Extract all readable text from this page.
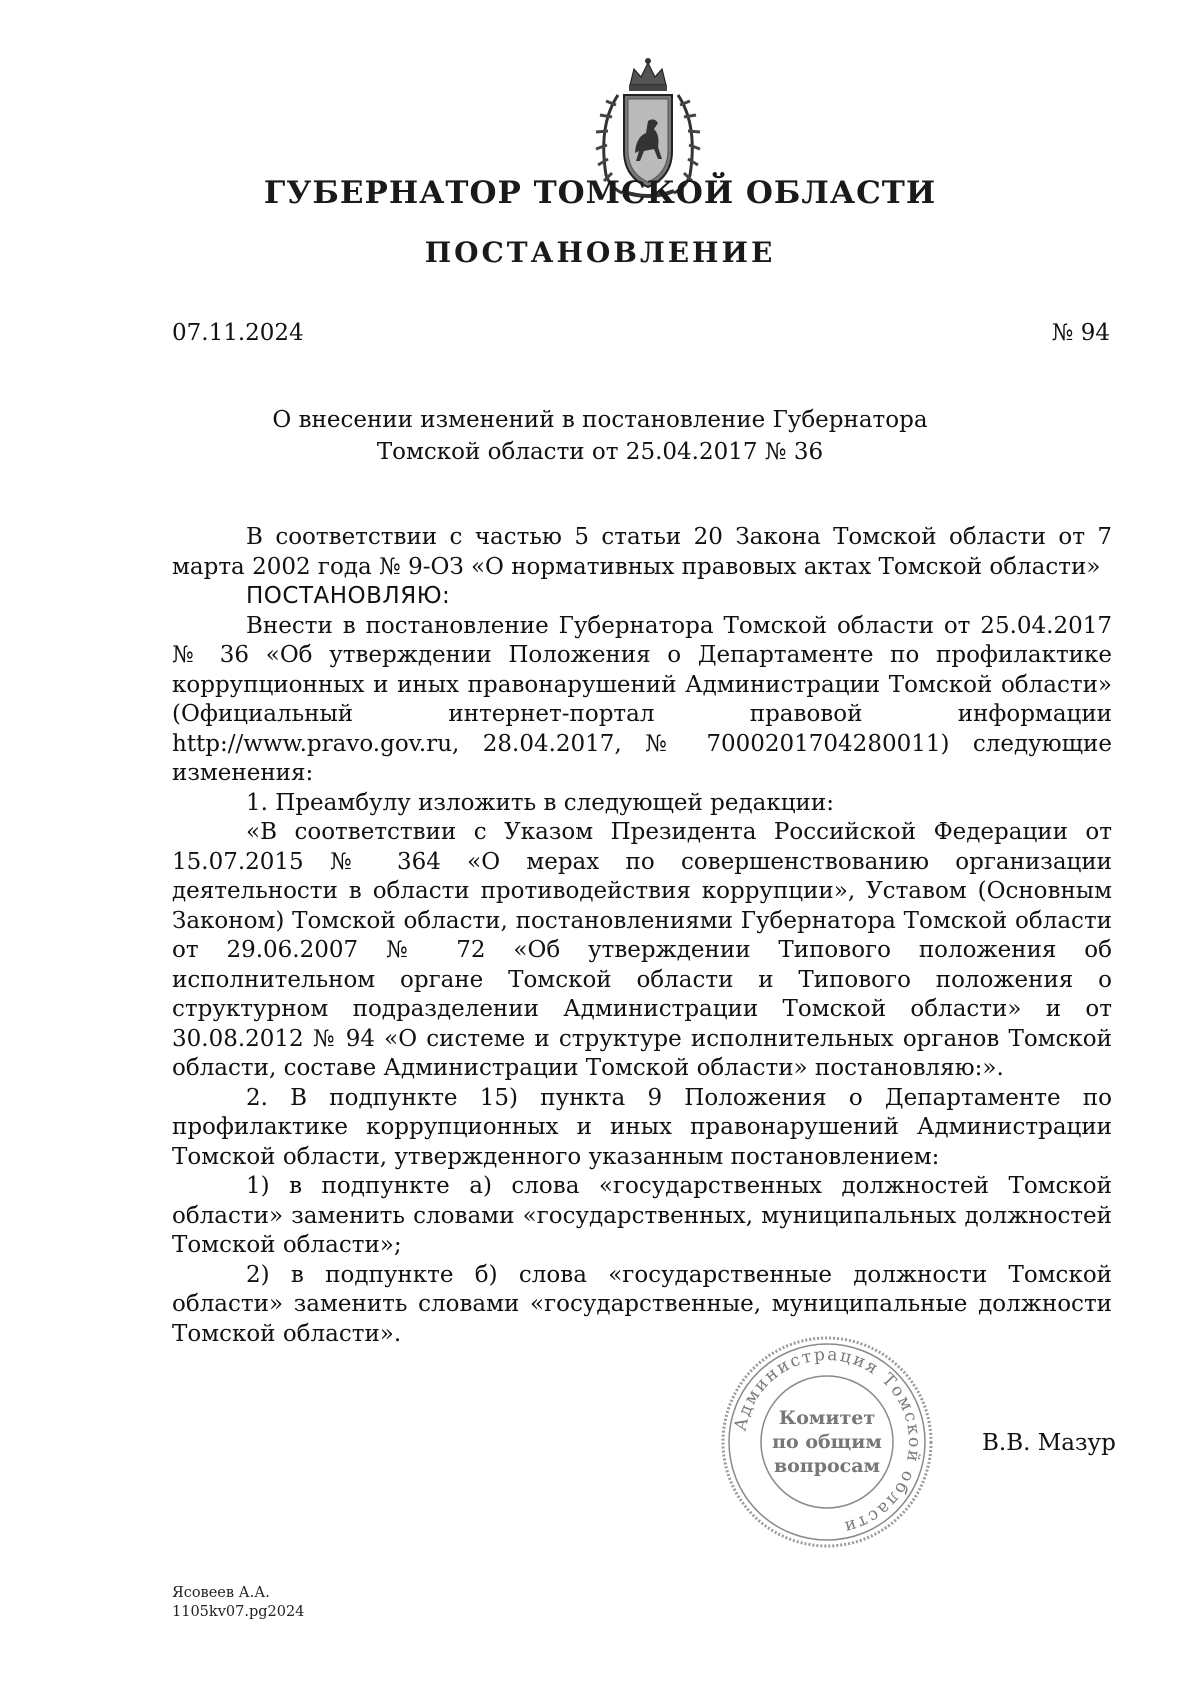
ГУБЕРНАТОР ТОМСКОЙ ОБЛАСТИ
ПОСТАНОВЛЕНИЕ
07.11.2024	№ 94
О внесении изменений в постановление Губернатора
Томской области от 25.04.2017 № 36

В соответствии с частью 5 статьи 20 Закона Томской области от 7 марта 2002 года № 9-ОЗ «О нормативных правовых актах Томской области»

ПОСТАНОВЛЯЮ:

Внести в постановление Губернатора Томской области от 25.04.2017 № 36 «Об утверждении Положения о Департаменте по профилактике коррупционных и иных правонарушений Администрации Томской области»

(Официальный интернет-портал правовой информации http://www.pravo.gov.ru, 28.04.2017, № 7000201704280011) следующие изменения:

1. Преамбулу изложить в следующей редакции:

«В соответствии с Указом Президента Российской Федерации от 15.07.2015 № 364 «О мерах по совершенствованию организации деятельности в области противодействия коррупции», Уставом (Основным Законом) Томской области, постановлениями Губернатора Томской области от 29.06.2007 № 72 «Об утверждении Типового положения об исполнительном органе Томской области и Типового положения о структурном подразделении Администрации Томской области» и от 30.08.2012 № 94 «О системе и структуре исполнительных органов Томской области, составе Администрации Томской области» постановляю:».

2. В подпункте 15) пункта 9 Положения о Департаменте по профилактике коррупционных и иных правонарушений Администрации Томской области, утвержденного указанным постановлением:

1) в подпункте а) слова «государственных должностей Томской области» заменить словами «государственных, муниципальных должностей Томской области»;

2) в подпункте б) слова «государственные должности Томской области» заменить словами «государственные, муниципальные должности Томской области».

Администрация Томской области
Комитет
по общим
вопросам
В.В. Мазур
Ясовеев А.А.
1105kv07.pg2024
